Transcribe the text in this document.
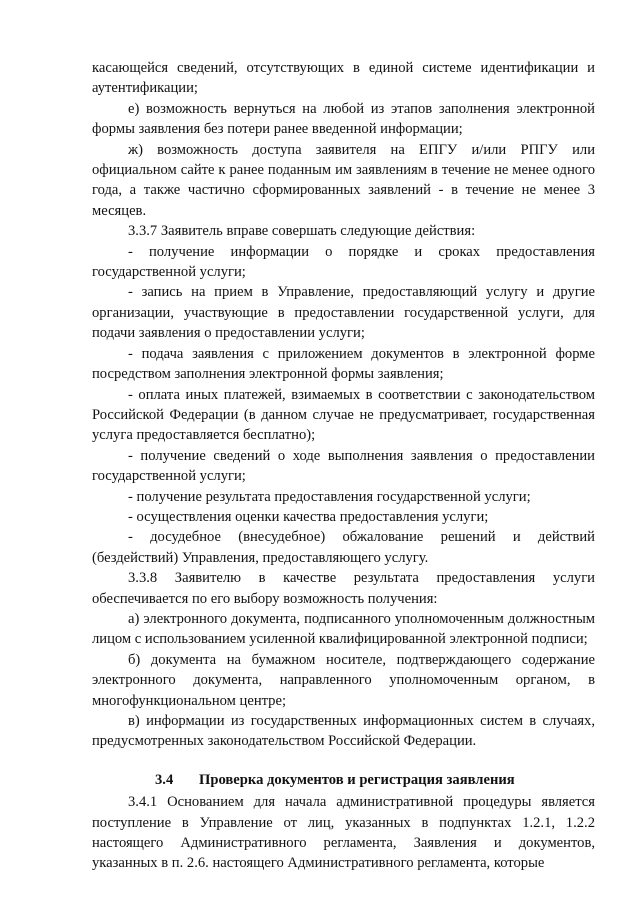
касающейся сведений, отсутствующих в единой системе идентификации и аутентификации;

е) возможность вернуться на любой из этапов заполнения электронной формы заявления без потери ранее введенной информации;

ж) возможность доступа заявителя на ЕПГУ и/или РПГУ или официальном сайте к ранее поданным им заявлениям в течение не менее одного года, а также частично сформированных заявлений - в течение не менее 3 месяцев.

3.3.7 Заявитель вправе совершать следующие действия:

- получение информации о порядке и сроках предоставления государственной услуги;

- запись на прием в Управление, предоставляющий услугу и другие организации, участвующие в предоставлении государственной услуги, для подачи заявления о предоставлении услуги;

- подача заявления с приложением документов в электронной форме посредством заполнения электронной формы заявления;

- оплата иных платежей, взимаемых в соответствии с законодательством Российской Федерации (в данном случае не предусматривает, государственная услуга предоставляется бесплатно);

- получение сведений о ходе выполнения заявления о предоставлении государственной услуги;

- получение результата предоставления государственной услуги;

- осуществления оценки качества предоставления услуги;

- досудебное (внесудебное) обжалование решений и действий (бездействий) Управления, предоставляющего услугу.

3.3.8 Заявителю в качестве результата предоставления услуги обеспечивается по его выбору возможность получения:

а) электронного документа, подписанного уполномоченным должностным лицом с использованием усиленной квалифицированной электронной подписи;

б) документа на бумажном носителе, подтверждающего содержание электронного документа, направленного уполномоченным органом, в многофункциональном центре;

в) информации из государственных информационных систем в случаях, предусмотренных законодательством Российской Федерации.

3.4 Проверка документов и регистрация заявления

3.4.1 Основанием для начала административной процедуры является поступление в Управление от лиц, указанных в подпунктах 1.2.1, 1.2.2 настоящего Административного регламента, Заявления и документов, указанных в п. 2.6. настоящего Административного регламента, которые
